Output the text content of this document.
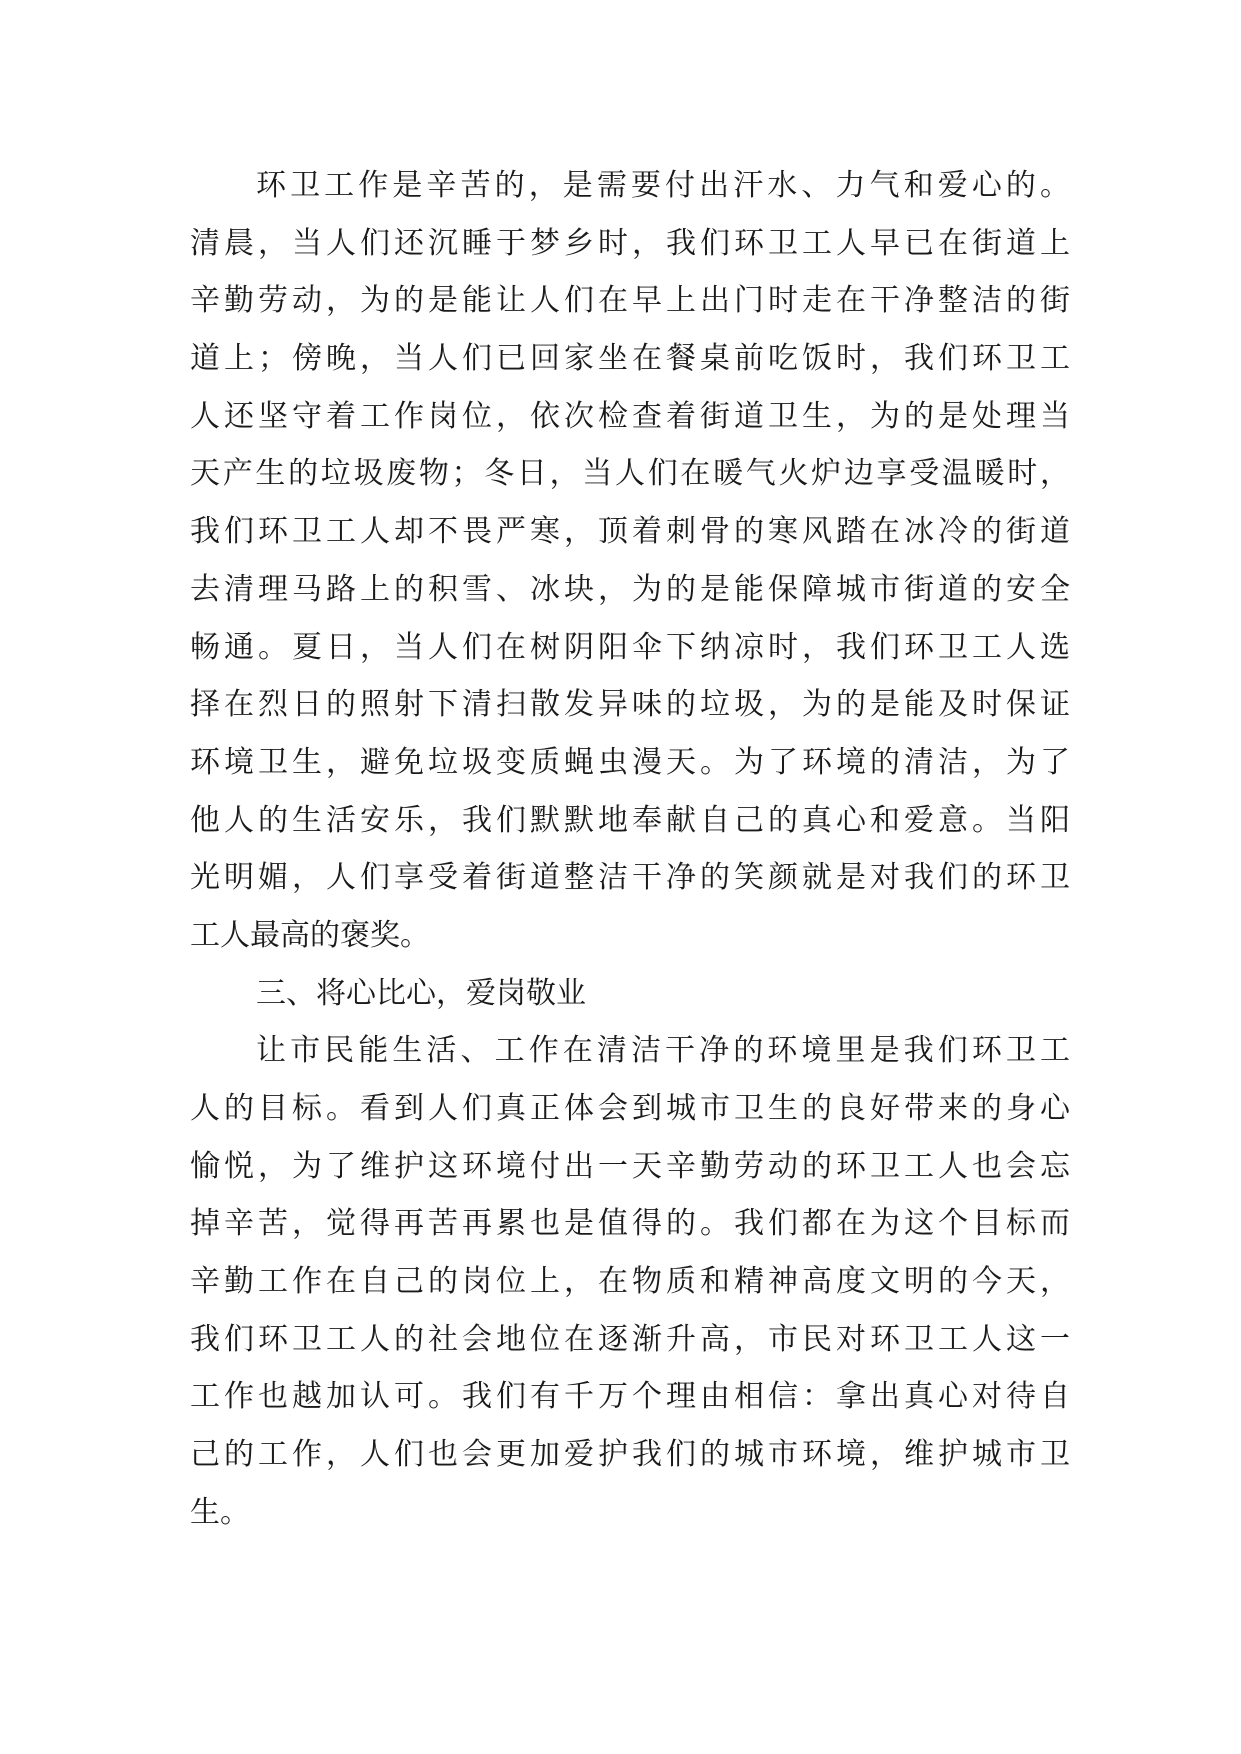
环卫工作是辛苦的，是需要付出汗水、力气和爱心的。
清晨，当人们还沉睡于梦乡时，我们环卫工人早已在街道上
辛勤劳动，为的是能让人们在早上出门时走在干净整洁的街
道上；傍晚，当人们已回家坐在餐桌前吃饭时，我们环卫工
人还坚守着工作岗位，依次检查着街道卫生，为的是处理当
天产生的垃圾废物；冬日，当人们在暖气火炉边享受温暖时，
我们环卫工人却不畏严寒，顶着刺骨的寒风踏在冰冷的街道
去清理马路上的积雪、冰块，为的是能保障城市街道的安全
畅通。夏日，当人们在树阴阳伞下纳凉时，我们环卫工人选
择在烈日的照射下清扫散发异味的垃圾，为的是能及时保证
环境卫生，避免垃圾变质蝇虫漫天。为了环境的清洁，为了
他人的生活安乐，我们默默地奉献自己的真心和爱意。当阳
光明媚，人们享受着街道整洁干净的笑颜就是对我们的环卫
工人最高的褒奖。
三、将心比心，爱岗敬业
让市民能生活、工作在清洁干净的环境里是我们环卫工
人的目标。看到人们真正体会到城市卫生的良好带来的身心
愉悦，为了维护这环境付出一天辛勤劳动的环卫工人也会忘
掉辛苦，觉得再苦再累也是值得的。我们都在为这个目标而
辛勤工作在自己的岗位上，在物质和精神高度文明的今天，
我们环卫工人的社会地位在逐渐升高，市民对环卫工人这一
工作也越加认可。我们有千万个理由相信：拿出真心对待自
己的工作，人们也会更加爱护我们的城市环境，维护城市卫
生。
